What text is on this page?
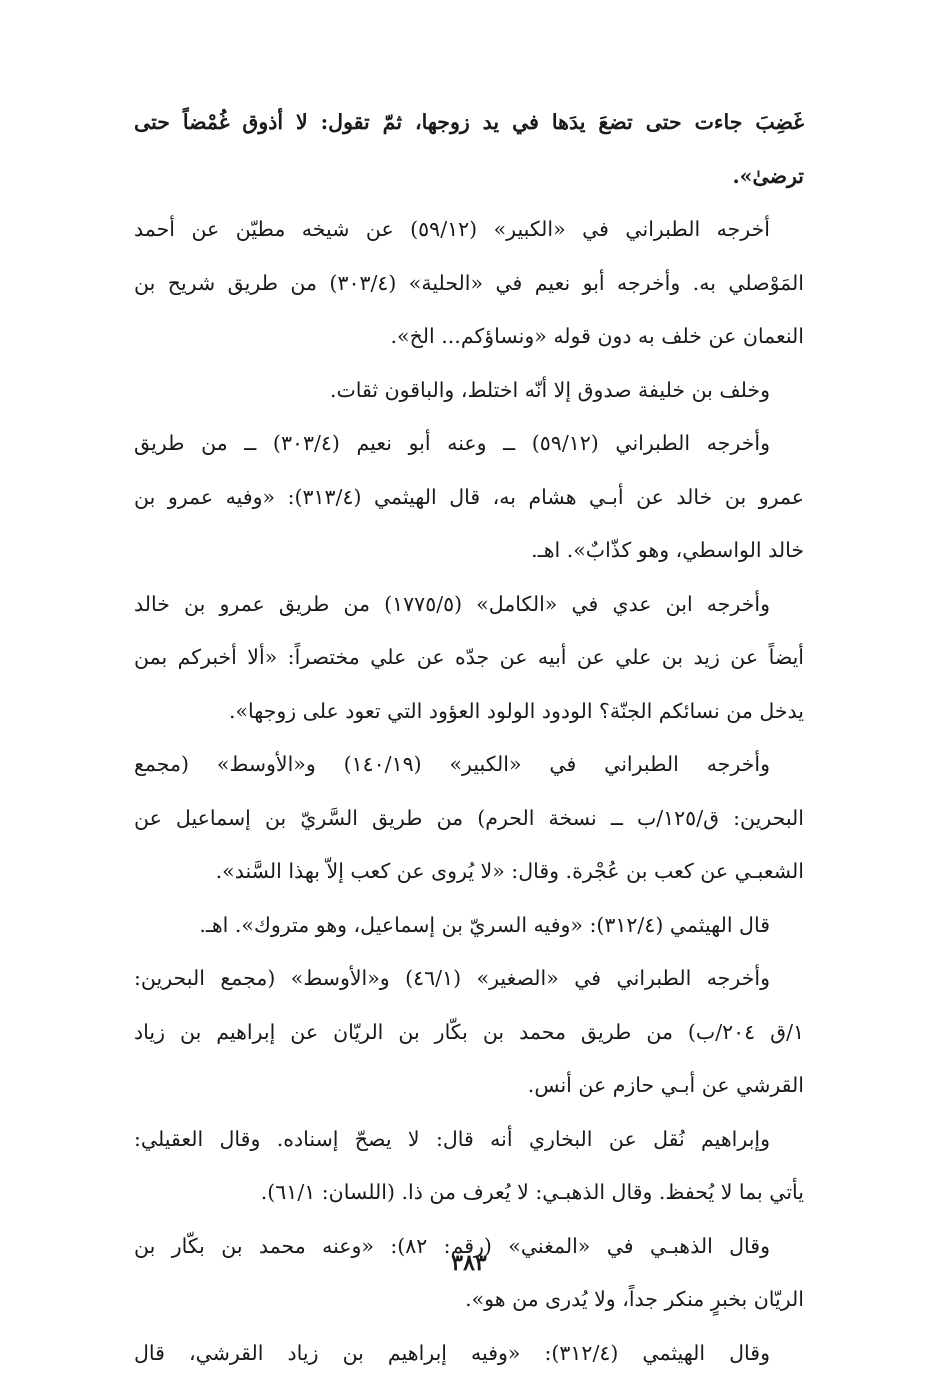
غَضِبَ جاءت حتى تضعَ يدَها في يد زوجها، ثمّ تقول: لا أذوق غُمْضاً حتى
ترضىٰ».
أخرجه الطبراني في «الكبير» (٥٩/١٢) عن شيخه مطيّن عن أحمد
المَوْصلي به. وأخرجه أبو نعيم في «الحلية» (٣٠٣/٤) من طريق شريح بن
النعمان عن خلف به دون قوله «ونساؤكم... الخ».
وخلف بن خليفة صدوق إلا أنّه اختلط، والباقون ثقات.
وأخرجه الطبراني (٥٩/١٢) ــ وعنه أبو نعيم (٣٠٣/٤) ــ من طريق
عمرو بن خالد عن أبـي هشام به، قال الهيثمي (٣١٣/٤): «وفيه عمرو بن
خالد الواسطي، وهو كذّابٌ». اهـ.
وأخرجه ابن عدي في «الكامل» (١٧٧٥/٥) من طريق عمرو بن خالد
أيضاً عن زيد بن علي عن أبيه عن جدّه عن علي مختصراً: «ألا أخبركم بمن
يدخل من نسائكم الجنّة؟ الودود الولود العؤود التي تعود على زوجها».
وأخرجه الطبراني في «الكبير» (١٤٠/١٩) و«الأوسط» (مجمع
البحرين: ق/١٢٥/ب ــ نسخة الحرم) من طريق السَّريّ بن إسماعيل عن
الشعبـي عن كعب بن عُجْرة. وقال: «لا يُروى عن كعب إلاّ بهذا السَّند».
قال الهيثمي (٣١٢/٤): «وفيه السريّ بن إسماعيل، وهو متروك». اهـ.
وأخرجه الطبراني في «الصغير» (٤٦/١) و«الأوسط» (مجمع البحرين:
١/ق ٢٠٤/ب) من طريق محمد بن بكّار بن الريّان عن إبراهيم بن زياد
القرشي عن أبـي حازم عن أنس.
وإبراهيم نُقل عن البخاري أنه قال: لا يصحّ إسناده. وقال العقيلي:
يأتي بما لا يُحفظ. وقال الذهبـي: لا يُعرف من ذا. (اللسان: ٦١/١).
وقال الذهبـي في «المغني» (رقم: ٨٢): «وعنه محمد بن بكّار بن
الريّان بخبرٍ منكر جداً، ولا يُدرى من هو».
وقال الهيثمي (٣١٢/٤): «وفيه إبراهيم بن زياد القرشي، قال
٣٨٣
